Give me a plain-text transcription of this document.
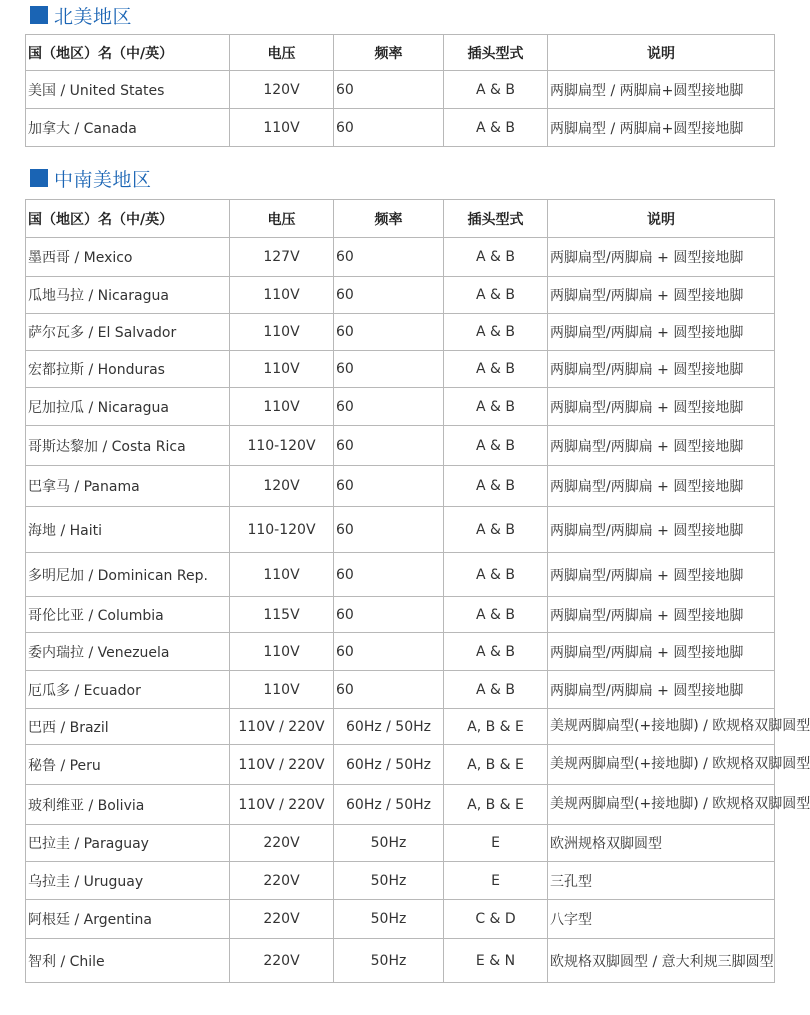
北美地区
国（地区）名（中/英）	电压	频率	插头型式	说明
美国 / United States	120V	60	A & B	两脚扁型 / 两脚扁+圆型接地脚
加拿大 / Canada	110V	60	A & B	两脚扁型 / 两脚扁+圆型接地脚
中南美地区
国（地区）名（中/英）	电压	频率	插头型式	说明
墨西哥 / Mexico	127V	60	A & B	两脚扁型/两脚扁 + 圆型接地脚
瓜地马拉 / Nicaragua	110V	60	A & B	两脚扁型/两脚扁 + 圆型接地脚
萨尔瓦多 / El Salvador	110V	60	A & B	两脚扁型/两脚扁 + 圆型接地脚
宏都拉斯 / Honduras	110V	60	A & B	两脚扁型/两脚扁 + 圆型接地脚
尼加拉瓜 / Nicaragua	110V	60	A & B	两脚扁型/两脚扁 + 圆型接地脚
哥斯达黎加 / Costa Rica	110-120V	60	A & B	两脚扁型/两脚扁 + 圆型接地脚
巴拿马 / Panama	120V	60	A & B	两脚扁型/两脚扁 + 圆型接地脚
海地 / Haiti	110-120V	60	A & B	两脚扁型/两脚扁 + 圆型接地脚
多明尼加 / Dominican Rep.	110V	60	A & B	两脚扁型/两脚扁 + 圆型接地脚
哥伦比亚 / Columbia	115V	60	A & B	两脚扁型/两脚扁 + 圆型接地脚
委内瑞拉 / Venezuela	110V	60	A & B	两脚扁型/两脚扁 + 圆型接地脚
厄瓜多 / Ecuador	110V	60	A & B	两脚扁型/两脚扁 + 圆型接地脚
巴西 / Brazil	110V / 220V	60Hz / 50Hz	A, B & E	美规两脚扁型(+接地脚) / 欧规格双脚圆型
秘鲁 / Peru	110V / 220V	60Hz / 50Hz	A, B & E	美规两脚扁型(+接地脚) / 欧规格双脚圆型
玻利维亚 / Bolivia	110V / 220V	60Hz / 50Hz	A, B & E	美规两脚扁型(+接地脚) / 欧规格双脚圆型
巴拉圭 / Paraguay	220V	50Hz	E	欧洲规格双脚圆型
乌拉圭 / Uruguay	220V	50Hz	E	三孔型
阿根廷 / Argentina	220V	50Hz	C & D	八字型
智利 / Chile	220V	50Hz	E & N	欧规格双脚圆型 / 意大利规三脚圆型
